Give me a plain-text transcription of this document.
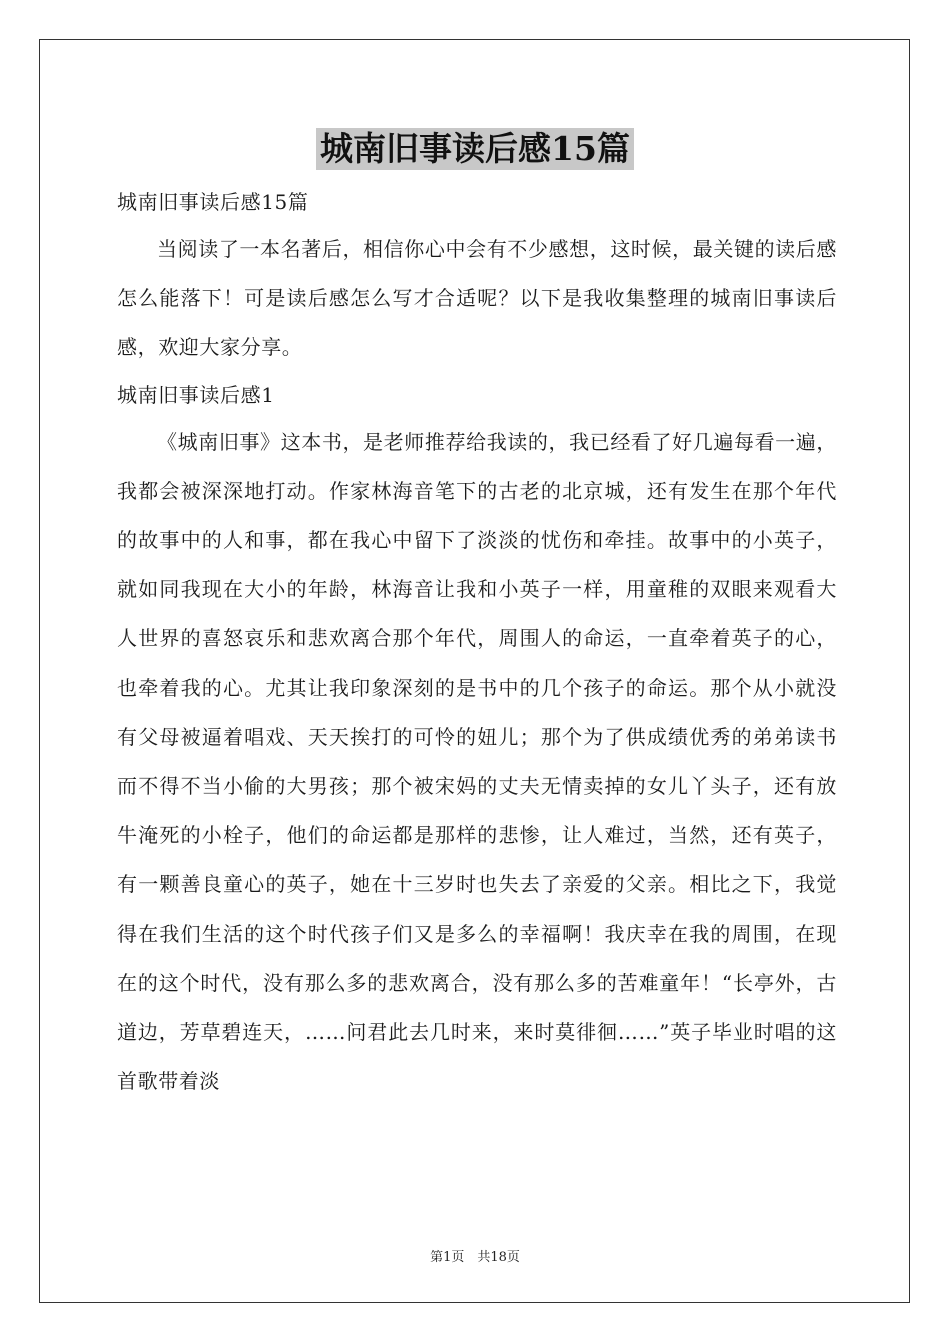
城南旧事读后感15篇

城南旧事读后感15篇

当阅读了一本名著后，相信你心中会有不少感想，这时候，最关键的读后感怎么能落下！可是读后感怎么写才合适呢？以下是我收集整理的城南旧事读后感，欢迎大家分享。

城南旧事读后感1

《城南旧事》这本书，是老师推荐给我读的，我已经看了好几遍每看一遍，我都会被深深地打动。作家林海音笔下的古老的北京城，还有发生在那个年代的故事中的人和事，都在我心中留下了淡淡的忧伤和牵挂。故事中的小英子，就如同我现在大小的年龄，林海音让我和小英子一样，用童稚的双眼来观看大人世界的喜怒哀乐和悲欢离合那个年代，周围人的命运，一直牵着英子的心，也牵着我的心。尤其让我印象深刻的是书中的几个孩子的命运。那个从小就没有父母被逼着唱戏、天天挨打的可怜的妞儿；那个为了供成绩优秀的弟弟读书而不得不当小偷的大男孩；那个被宋妈的丈夫无情卖掉的女儿丫头子，还有放牛淹死的小栓子，他们的命运都是那样的悲惨，让人难过，当然，还有英子，有一颗善良童心的英子，她在十三岁时也失去了亲爱的父亲。相比之下，我觉得在我们生活的这个时代孩子们又是多么的幸福啊！我庆幸在我的周围，在现在的这个时代，没有那么多的悲欢离合，没有那么多的苦难童年！“长亭外，古道边，芳草碧连天，……问君此去几时来，来时莫徘徊……”英子毕业时唱的这首歌带着淡

第1页　共18页
